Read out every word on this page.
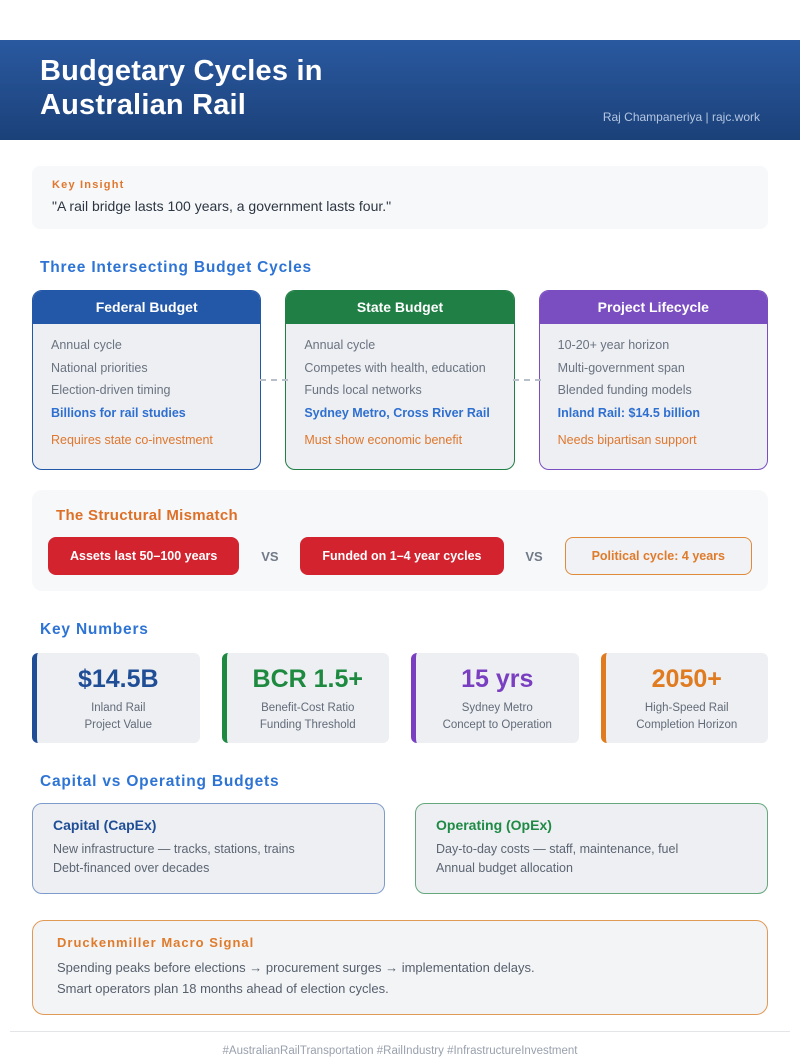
Budgetary Cycles in
Australian Rail	Raj Champaneriya | rajc.work
Key Insight
"A rail bridge lasts 100 years, a government lasts four."
Three Intersecting Budget Cycles
Federal Budget
Annual cycle
National priorities
Election-driven timing
Billions for rail studies
Requires state co-investment
State Budget
Annual cycle
Competes with health, education
Funds local networks
Sydney Metro, Cross River Rail
Must show economic benefit
Project Lifecycle
10-20+ year horizon
Multi-government span
Blended funding models
Inland Rail: $14.5 billion
Needs bipartisan support
The Structural Mismatch
Assets last 50–100 years	VS	Funded on 1–4 year cycles	VS	Political cycle: 4 years
Key Numbers
$14.5B
Inland Rail
Project Value
BCR 1.5+
Benefit-Cost Ratio
Funding Threshold
15 yrs
Sydney Metro
Concept to Operation
2050+
High-Speed Rail
Completion Horizon
Capital vs Operating Budgets
Capital (CapEx)
New infrastructure — tracks, stations, trains
Debt-financed over decades
Operating (OpEx)
Day-to-day costs — staff, maintenance, fuel
Annual budget allocation
Druckenmiller Macro Signal
Spending peaks before elections → procurement surges → implementation delays.
Smart operators plan 18 months ahead of election cycles.
#AustralianRailTransportation #RailIndustry #InfrastructureInvestment
